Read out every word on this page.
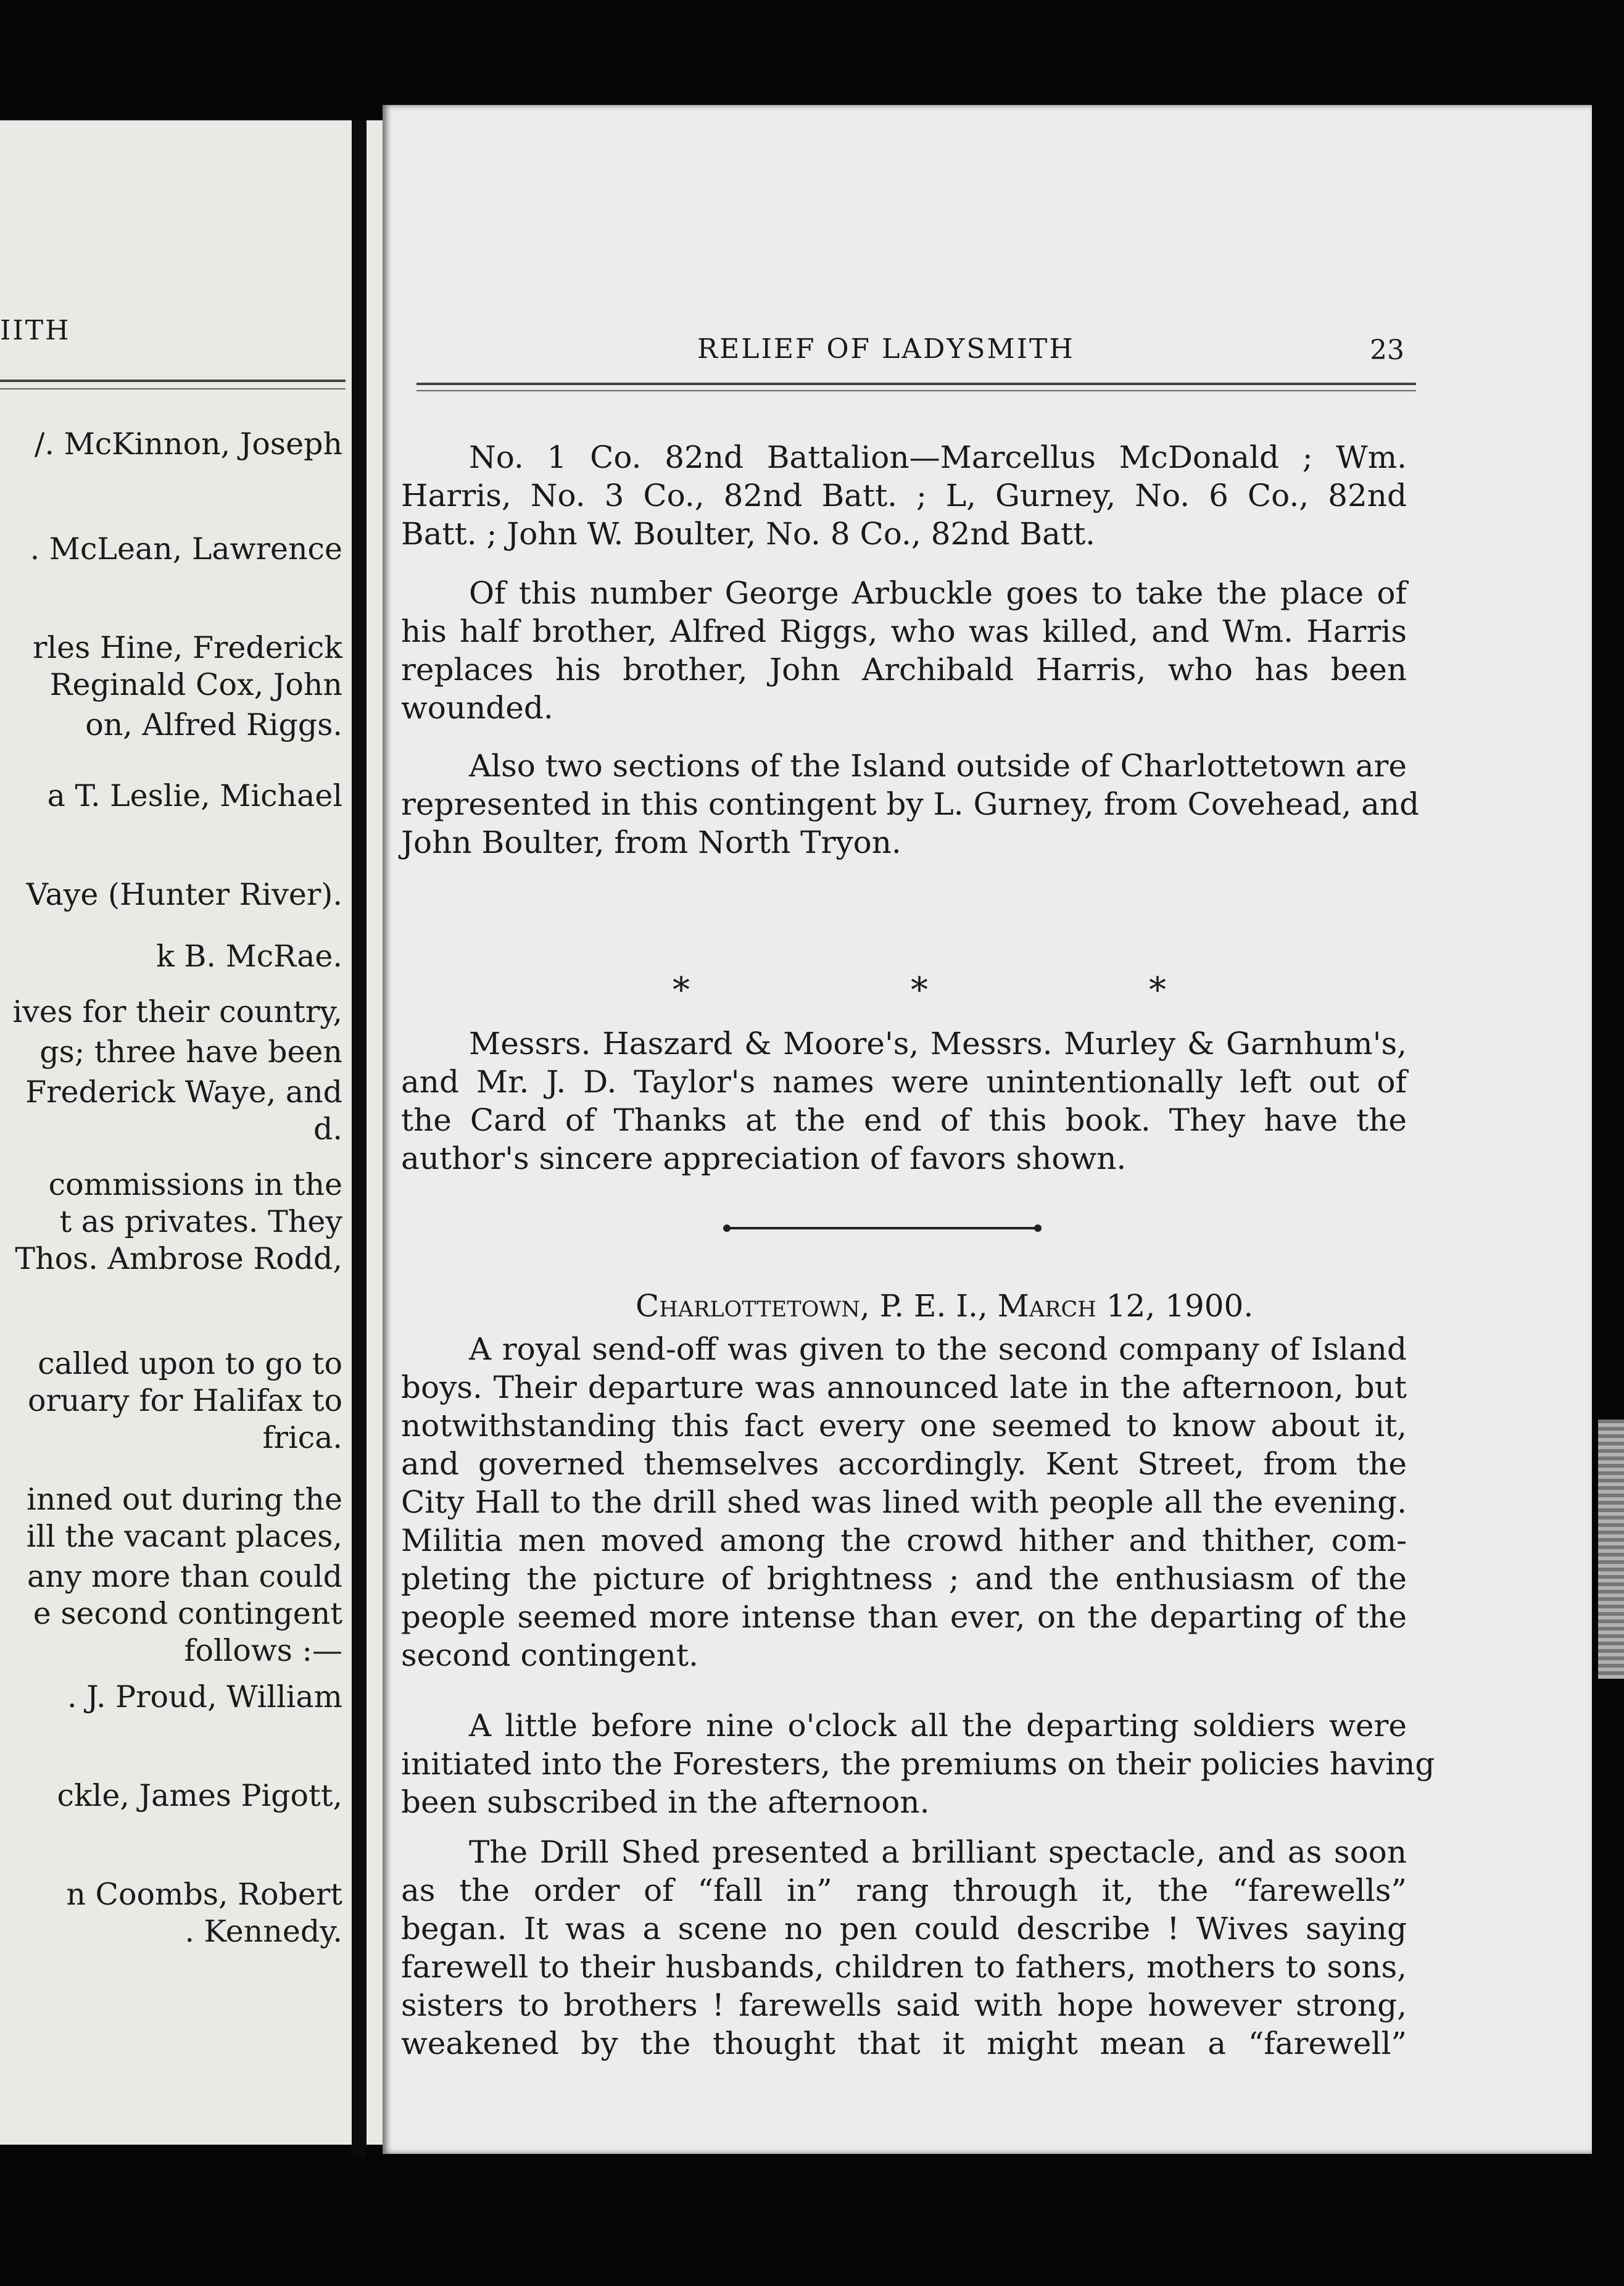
IITH
/. McKinnon, Joseph
. McLean, Lawrence
rles Hine, Frederick
Reginald Cox, John
on, Alfred Riggs.
a T. Leslie, Michael
Vaye (Hunter River).
k B. McRae.
ives for their country,
gs; three have been
Frederick Waye, and
d.
commissions in the
t as privates. They
Thos. Ambrose Rodd,
called upon to go to
oruary for Halifax to
frica.
inned out during the
ill the vacant places,
any more than could
e second contingent
follows :—
. J. Proud, William
ckle, James Pigott,
n Coombs, Robert
. Kennedy.
RELIEF OF LADYSMITH	23
No. 1 Co. 82nd Battalion—Marcellus McDonald ; Wm.
Harris, No. 3 Co., 82nd Batt. ; L, Gurney, No. 6 Co., 82nd
Batt. ; John W. Boulter, No. 8 Co., 82nd Batt.
Of this number George Arbuckle goes to take the place of
his half brother, Alfred Riggs, who was killed, and Wm. Harris
replaces his brother, John Archibald Harris, who has been
wounded.
Also two sections of the Island outside of Charlottetown are
represented in this contingent by L. Gurney, from Covehead, and
John Boulter, from North Tryon.
Messrs. Haszard & Moore's, Messrs. Murley & Garnhum's,
and Mr. J. D. Taylor's names were unintentionally left out of
the Card of Thanks at the end of this book. They have the
author's sincere appreciation of favors shown.
Charlottetown, P. E. I., March 12, 1900.
A royal send-off was given to the second company of Island
boys. Their departure was announced late in the afternoon, but
notwithstanding this fact every one seemed to know about it,
and governed themselves accordingly. Kent Street, from the
City Hall to the drill shed was lined with people all the evening.
Militia men moved among the crowd hither and thither, com-
pleting the picture of brightness ; and the enthusiasm of the
people seemed more intense than ever, on the departing of the
second contingent.
A little before nine o'clock all the departing soldiers were
initiated into the Foresters, the premiums on their policies having
been subscribed in the afternoon.
The Drill Shed presented a brilliant spectacle, and as soon
as the order of “fall in” rang through it, the “farewells”
began. It was a scene no pen could describe ! Wives saying
farewell to their husbands, children to fathers, mothers to sons,
sisters to brothers ! farewells said with hope however strong,
weakened by the thought that it might mean a “farewell”
*	*	*
